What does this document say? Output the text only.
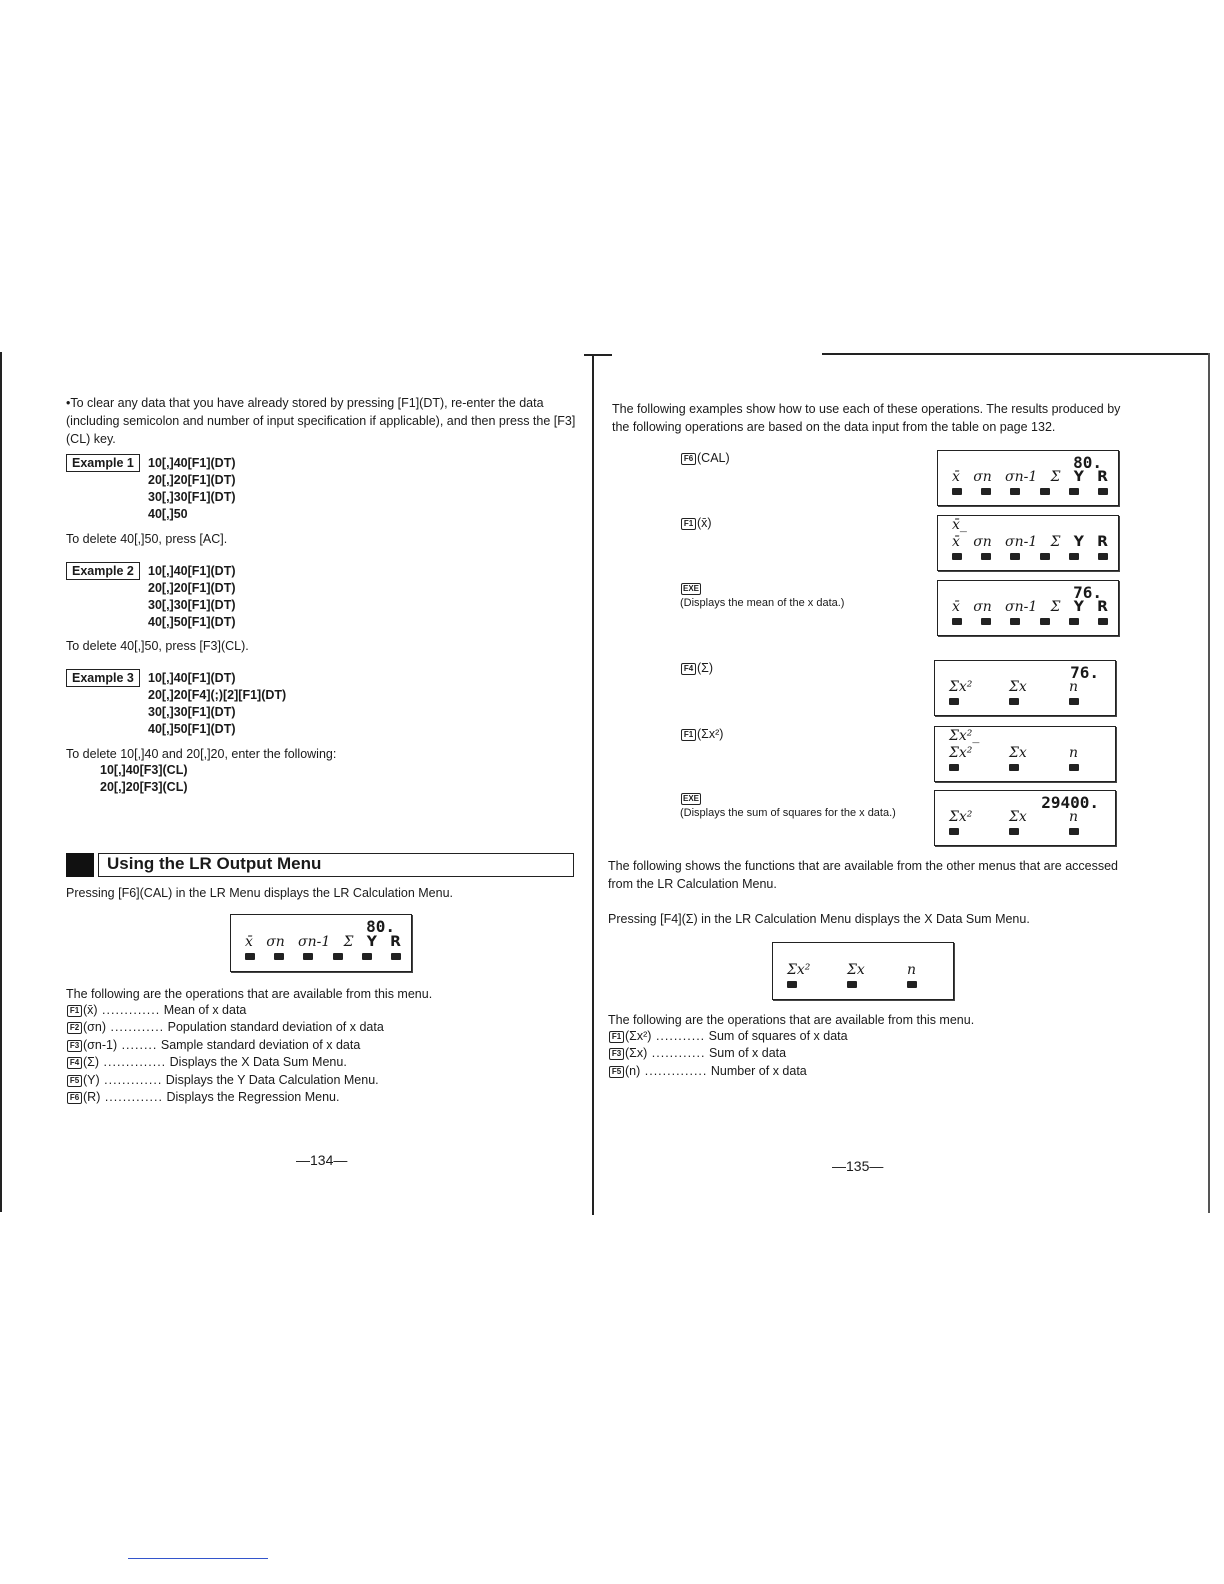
•To clear any data that you have already stored by pressing [F1](DT), re-enter the data (including semicolon and number of input specification if applicable), and then press the [F3](CL) key.
Example 1	10[,]40[F1](DT)
20[,]20[F1](DT)
30[,]30[F1](DT)
40[,]50
To delete 40[,]50, press [AC].
Example 2	10[,]40[F1](DT)
20[,]20[F1](DT)
30[,]30[F1](DT)
40[,]50[F1](DT)
To delete 40[,]50, press [F3](CL).
Example 3	10[,]40[F1](DT)
20[,]20[F4](;)[2][F1](DT)
30[,]30[F1](DT)
40[,]50[F1](DT)
To delete 10[,]40 and 20[,]20, enter the following:
10[,]40[F3](CL)
20[,]20[F3](CL)
Using the LR Output Menu
Pressing [F6](CAL) in the LR Menu displays the LR Calculation Menu.
80.
x̄ σn σn-1 Σ Y R
The following are the operations that are available from this menu.
F1 (x̄) ............. Mean of x data
F2 (σn) ............ Population standard deviation of x data
F3 (σn-1) ........ Sample standard deviation of x data
F4 (Σ) .............. Displays the X Data Sum Menu.
F5 (Y) ............. Displays the Y Data Calculation Menu.
F6 (R) ............. Displays the Regression Menu.
—134—
The following examples show how to use each of these operations. The results produced by the following operations are based on the data input from the table on page 132.
F6 (CAL)	80.
x̄ σn σn-1 Σ Y R
F1 (x̄)	x̄_
x̄ σn σn-1 Σ Y R
EXE
(Displays the mean of the x data.)
76.
x̄ σn σn-1 Σ Y R
F4 (Σ)	76.
Σx²	Σx	n
F1 (Σx²)	Σx²_
Σx²	Σx	n
EXE
(Displays the sum of squares for the x data.)
29400.
Σx²	Σx	n
The following shows the functions that are available from the other menus that are accessed from the LR Calculation Menu.
Pressing [F4](Σ) in the LR Calculation Menu displays the X Data Sum Menu.
Σx²	Σx	n
The following are the operations that are available from this menu.
F1 (Σx²) ........... Sum of squares of x data
F3 (Σx) ............ Sum of x data
F5 (n) .............. Number of x data
—135—
